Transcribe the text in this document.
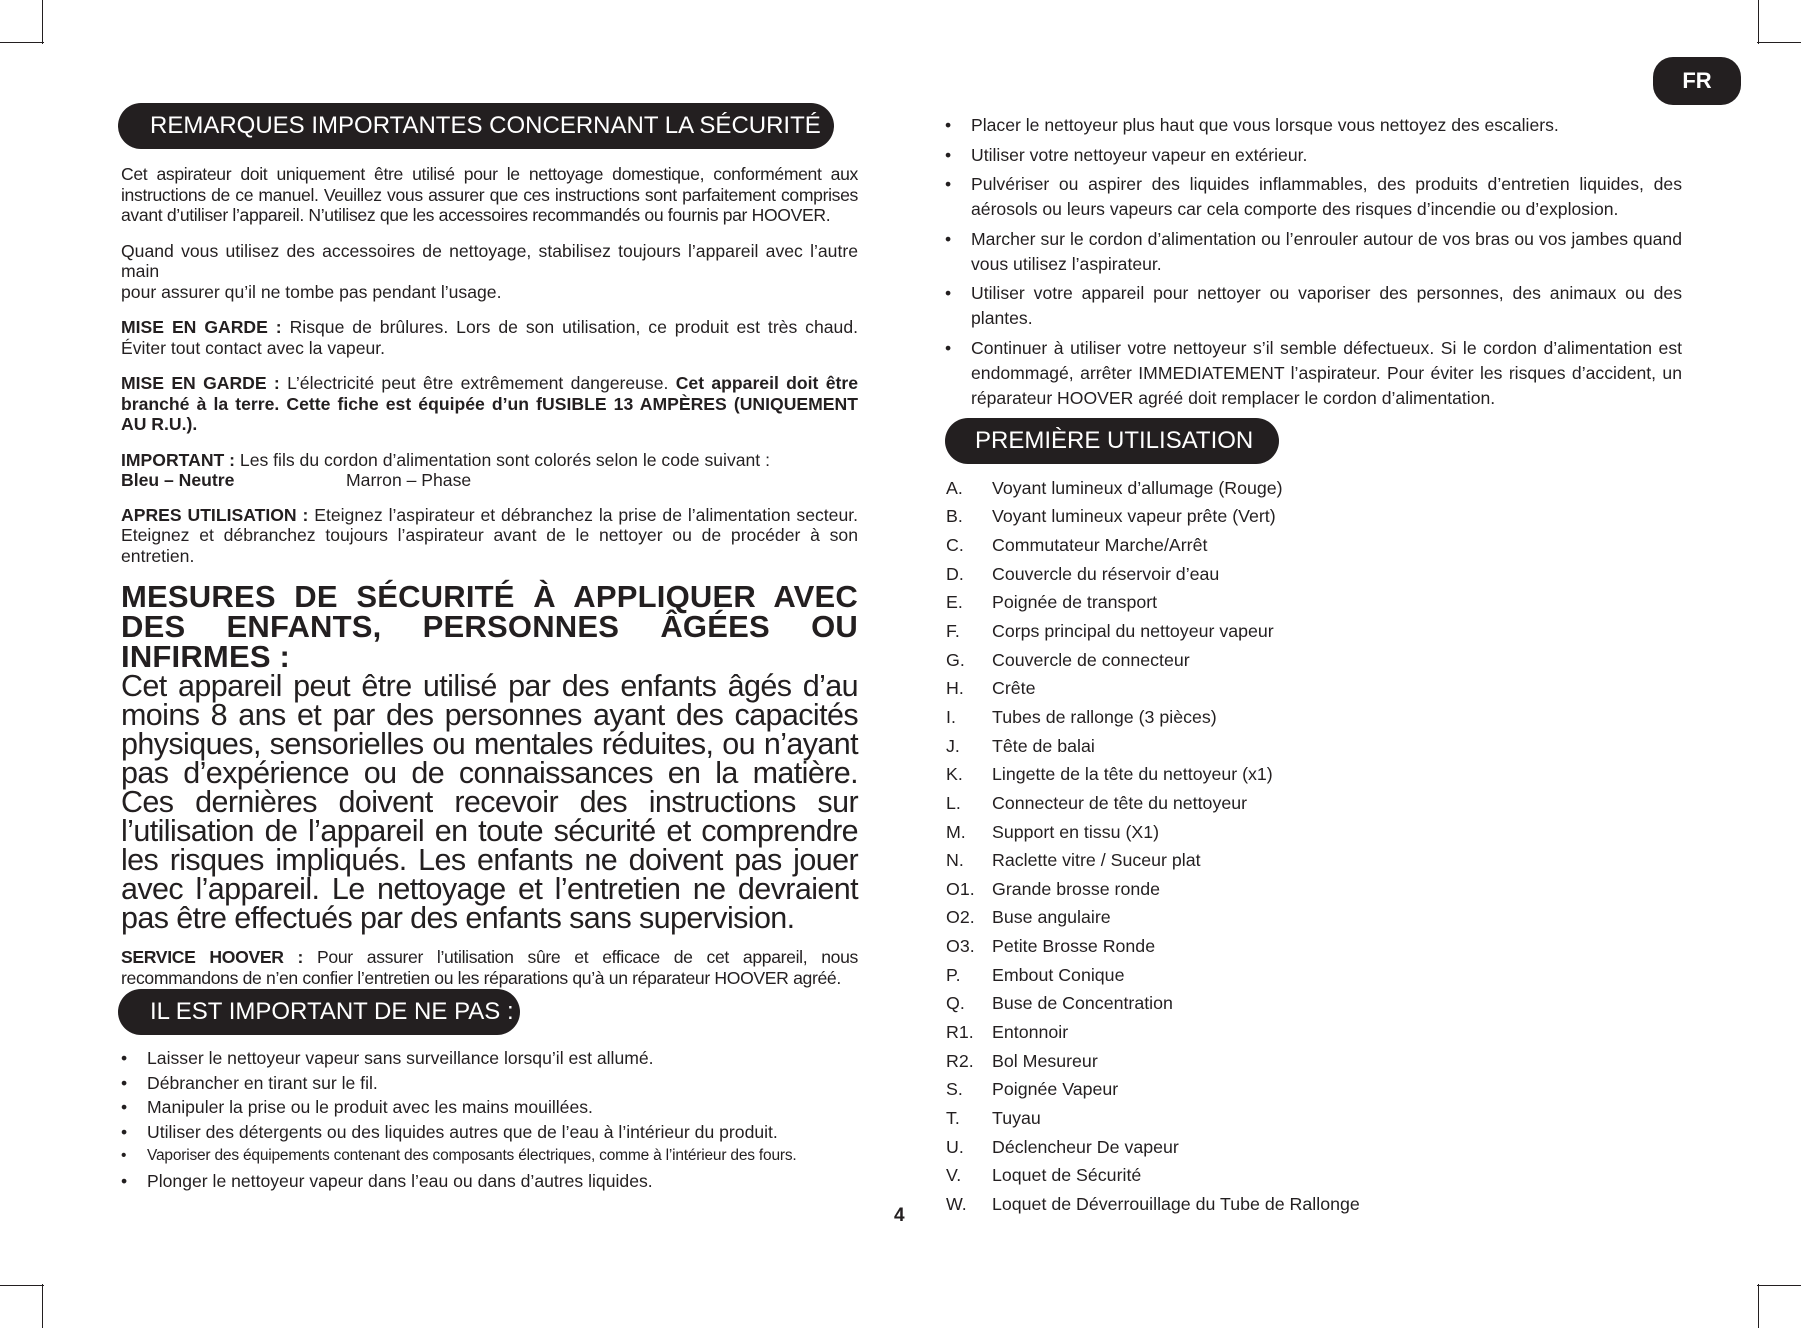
FR
REMARQUES IMPORTANTES CONCERNANT LA SÉCURITÉ

Cet aspirateur doit uniquement être utilisé pour le nettoyage domestique, conformément aux instructions de ce manuel. Veuillez vous assurer que ces instructions sont parfaitement comprises avant d’utiliser l’appareil. N’utilisez que les accessoires recommandés ou fournis par HOOVER.

Quand vous utilisez des accessoires de nettoyage, stabilisez toujours l’appareil avec l’autre main
pour assurer qu’il ne tombe pas pendant l’usage.

MISE EN GARDE : Risque de brûlures. Lors de son utilisation, ce produit est très chaud. Éviter tout contact avec la vapeur.

MISE EN GARDE : L’électricité peut être extrêmement dangereuse. Cet appareil doit être branché à la terre. Cette fiche est équipée d’un fUSIBLE 13 AMPÈRES (UNIQUEMENT AU R.U.).

IMPORTANT : Les fils du cordon d’alimentation sont colorés selon le code suivant :
Bleu – Neutre	Marron – Phase

APRES UTILISATION : Eteignez l’aspirateur et débranchez la prise de l’alimentation secteur. Eteignez et débranchez toujours l’aspirateur avant de le nettoyer ou de procéder à son entretien.

MESURES DE SÉCURITÉ À APPLIQUER AVEC DES ENFANTS, PERSONNES ÂGÉES OU INFIRMES :
Cet appareil peut être utilisé par des enfants âgés d’au moins 8 ans et par des personnes ayant des capacités physiques, sensorielles ou mentales réduites, ou n’ayant pas d’expérience ou de connaissances en la matière. Ces dernières doivent recevoir des instructions sur l’utilisation de l’appareil en toute sécurité et comprendre les risques impliqués. Les enfants ne doivent pas jouer avec l’appareil. Le nettoyage et l’entretien ne devraient pas être effectués par des enfants sans supervision.

SERVICE HOOVER : Pour assurer l’utilisation sûre et efficace de cet appareil, nous recommandons de n’en confier l’entretien ou les réparations qu’à un réparateur HOOVER agréé.

IL EST IMPORTANT DE NE PAS :
• Laisser le nettoyeur vapeur sans surveillance lorsqu’il est allumé.
• Débrancher en tirant sur le fil.
• Manipuler la prise ou le produit avec les mains mouillées.
• Utiliser des détergents ou des liquides autres que de l’eau à l’intérieur du produit.
• Vaporiser des équipements contenant des composants électriques, comme à l’intérieur des fours.
• Plonger le nettoyeur vapeur dans l’eau ou dans d’autres liquides.
4
• Placer le nettoyeur plus haut que vous lorsque vous nettoyez des escaliers.
• Utiliser votre nettoyeur vapeur en extérieur.
• Pulvériser ou aspirer des liquides inflammables, des produits d’entretien liquides, des aérosols ou leurs vapeurs car cela comporte des risques d’incendie ou d’explosion.
• Marcher sur le cordon d’alimentation ou l’enrouler autour de vos bras ou vos jambes quand vous utilisez l’aspirateur.
• Utiliser votre appareil pour nettoyer ou vaporiser des personnes, des animaux ou des plantes.
• Continuer à utiliser votre nettoyeur s’il semble défectueux. Si le cordon d’alimentation est endommagé, arrêter IMMEDIATEMENT l’aspirateur. Pour éviter les risques d’accident, un réparateur HOOVER agréé doit remplacer le cordon d’alimentation.
PREMIÈRE UTILISATION
A.	Voyant lumineux d’allumage (Rouge)
B.	Voyant lumineux vapeur prête (Vert)
C.	Commutateur Marche/Arrêt
D.	Couvercle du réservoir d’eau
E.	Poignée de transport
F.	Corps principal du nettoyeur vapeur
G.	Couvercle de connecteur
H.	Crête
I.	Tubes de rallonge (3 pièces)
J.	Tête de balai
K.	Lingette de la tête du nettoyeur (x1)
L.	Connecteur de tête du nettoyeur
M.	Support en tissu (X1)
N.	Raclette vitre / Suceur plat
O1. Grande brosse ronde
O2. Buse angulaire
O3. Petite Brosse Ronde
P.	Embout Conique
Q.	Buse de Concentration
R1.	Entonnoir
R2.	Bol Mesureur
S.	Poignée Vapeur
T.	Tuyau
U.	Déclencheur De vapeur
V.	Loquet de Sécurité
W.	Loquet de Déverrouillage du Tube de Rallonge
